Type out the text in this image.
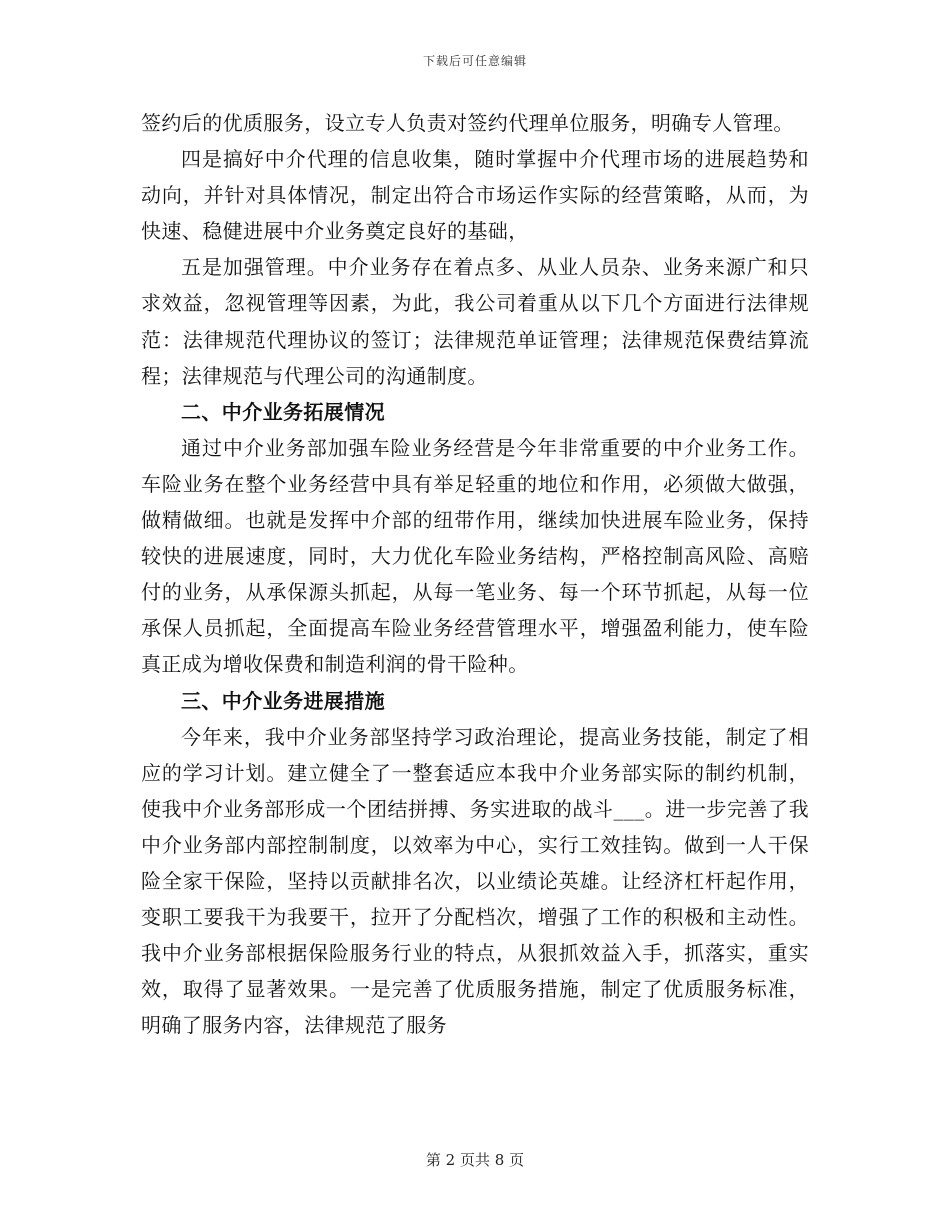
下载后可任意编辑

签约后的优质服务，设立专人负责对签约代理单位服务，明确专人管理。

四是搞好中介代理的信息收集，随时掌握中介代理市场的进展趋势和动向，并针对具体情况，制定出符合市场运作实际的经营策略，从而，为快速、稳健进展中介业务奠定良好的基础，

五是加强管理。中介业务存在着点多、从业人员杂、业务来源广和只求效益，忽视管理等因素，为此，我公司着重从以下几个方面进行法律规范：法律规范代理协议的签订；法律规范单证管理；法律规范保费结算流程；法律规范与代理公司的沟通制度。

二、中介业务拓展情况

通过中介业务部加强车险业务经营是今年非常重要的中介业务工作。车险业务在整个业务经营中具有举足轻重的地位和作用，必须做大做强，做精做细。也就是发挥中介部的纽带作用，继续加快进展车险业务，保持较快的进展速度，同时，大力优化车险业务结构，严格控制高风险、高赔付的业务，从承保源头抓起，从每一笔业务、每一个环节抓起，从每一位承保人员抓起，全面提高车险业务经营管理水平，增强盈利能力，使车险真正成为增收保费和制造利润的骨干险种。

三、中介业务进展措施

今年来，我中介业务部坚持学习政治理论，提高业务技能，制定了相应的学习计划。建立健全了一整套适应本我中介业务部实际的制约机制，使我中介业务部形成一个团结拼搏、务实进取的战斗___。进一步完善了我中介业务部内部控制制度，以效率为中心，实行工效挂钩。做到一人干保险全家干保险，坚持以贡献排名次，以业绩论英雄。让经济杠杆起作用，变职工要我干为我要干，拉开了分配档次，增强了工作的积极和主动性。我中介业务部根据保险服务行业的特点，从狠抓效益入手，抓落实，重实效，取得了显著效果。一是完善了优质服务措施，制定了优质服务标准，明确了服务内容，法律规范了服务

第 2 页共 8 页
